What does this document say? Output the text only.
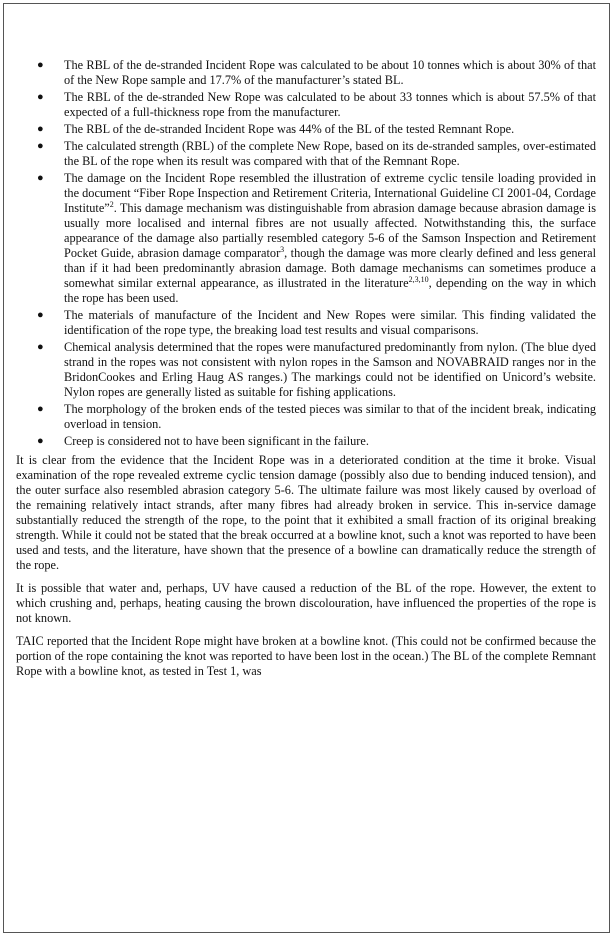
● The RBL of the de-stranded Incident Rope was calculated to be about 10 tonnes which is about 30% of that of the New Rope sample and 17.7% of the manufacturer’s stated BL.
● The RBL of the de-stranded New Rope was calculated to be about 33 tonnes which is about 57.5% of that expected of a full-thickness rope from the manufacturer.
● The RBL of the de-stranded Incident Rope was 44% of the BL of the tested Remnant Rope.
● The calculated strength (RBL) of the complete New Rope, based on its de-stranded samples, over-estimated the BL of the rope when its result was compared with that of the Remnant Rope.
● The damage on the Incident Rope resembled the illustration of extreme cyclic tensile loading provided in the document “Fiber Rope Inspection and Retirement Criteria, International Guideline CI 2001-04, Cordage Institute”$^2$. This damage mechanism was distinguishable from abrasion damage because abrasion damage is usually more localised and internal fibres are not usually affected. Notwithstanding this, the surface appearance of the damage also partially resembled category 5-6 of the Samson Inspection and Retirement Pocket Guide, abrasion damage comparator$^3$, though the damage was more clearly defined and less general than if it had been predominantly abrasion damage. Both damage mechanisms can sometimes produce a somewhat similar external appearance, as illustrated in the literature$^{2,3,10}$, depending on the way in which the rope has been used.
● The materials of manufacture of the Incident and New Ropes were similar. This finding validated the identification of the rope type, the breaking load test results and visual comparisons.
● Chemical analysis determined that the ropes were manufactured predominantly from nylon. (The blue dyed strand in the ropes was not consistent with nylon ropes in the Samson and NOVABRAID ranges nor in the BridonCookes and Erling Haug AS ranges.) The markings could not be identified on Unicord’s website. Nylon ropes are generally listed as suitable for fishing applications.
● The morphology of the broken ends of the tested pieces was similar to that of the incident break, indicating overload in tension.
● Creep is considered not to have been significant in the failure.

It is clear from the evidence that the Incident Rope was in a deteriorated condition at the time it broke. Visual examination of the rope revealed extreme cyclic tension damage (possibly also due to bending induced tension), and the outer surface also resembled abrasion category 5-6. The ultimate failure was most likely caused by overload of the remaining relatively intact strands, after many fibres had already broken in service. This in-service damage substantially reduced the strength of the rope, to the point that it exhibited a small fraction of its original breaking strength. While it could not be stated that the break occurred at a bowline knot, such a knot was reported to have been used and tests, and the literature, have shown that the presence of a bowline can dramatically reduce the strength of the rope.

It is possible that water and, perhaps, UV have caused a reduction of the BL of the rope. However, the extent to which crushing and, perhaps, heating causing the brown discolouration, have influenced the properties of the rope is not known.

TAIC reported that the Incident Rope might have broken at a bowline knot. (This could not be confirmed because the portion of the rope containing the knot was reported to have been lost in the ocean.) The BL of the complete Remnant Rope with a bowline knot, as tested in Test 1, was
